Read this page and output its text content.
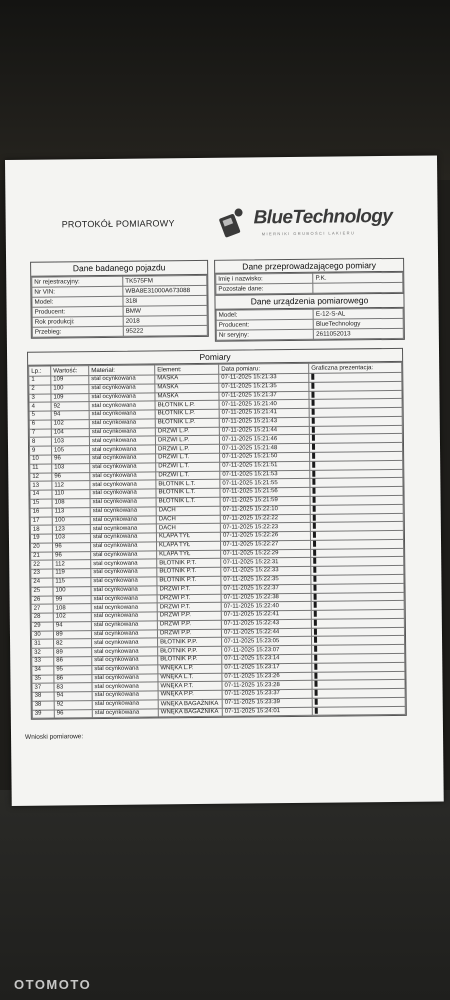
PROTOKÓŁ POMIAROWY	BlueTechnology
MIERNIKI GRUBOŚCI LAKIERU
Dane badanego pojazdu
Nr rejestracyjny:	TK575FM
Nr VIN:	WBA8E31000A673088
Model:	318i
Producent:	BMW
Rok produkcji:	2018
Przebieg:	95222
Dane przeprowadzającego pomiary
Imię i nazwisko:	P.K.
Pozostałe dane:	
Dane urządzenia pomiarowego
Model:	E-12-S-AL
Producent:	BlueTechnology
Nr seryjny:	2611052013
Pomiary
Lp.:	Wartość:	Materiał:	Element:	Data pomiaru:	Graficzna prezentacja:
1	109	stal ocynkowana	MASKA	07-11-2025 15:21:33	
2	100	stal ocynkowana	MASKA	07-11-2025 15:21:35	
3	109	stal ocynkowana	MASKA	07-11-2025 15:21:37	
4	92	stal ocynkowana	BŁOTNIK L.P.	07-11-2025 15:21:40	
5	94	stal ocynkowana	BŁOTNIK L.P.	07-11-2025 15:21:41	
6	102	stal ocynkowana	BŁOTNIK L.P.	07-11-2025 15:21:43	
7	104	stal ocynkowana	DRZWI L.P.	07-11-2025 15:21:44	
8	103	stal ocynkowana	DRZWI L.P.	07-11-2025 15:21:46	
9	105	stal ocynkowana	DRZWI L.P.	07-11-2025 15:21:48	
10	96	stal ocynkowana	DRZWI L.T.	07-11-2025 15:21:50	
11	103	stal ocynkowana	DRZWI L.T.	07-11-2025 15:21:51	
12	96	stal ocynkowana	DRZWI L.T.	07-11-2025 15:21:53	
13	112	stal ocynkowana	BŁOTNIK L.T.	07-11-2025 15:21:55	
14	110	stal ocynkowana	BŁOTNIK L.T.	07-11-2025 15:21:56	
15	108	stal ocynkowana	BŁOTNIK L.T.	07-11-2025 15:21:59	
16	113	stal ocynkowana	DACH	07-11-2025 15:22:10	
17	100	stal ocynkowana	DACH	07-11-2025 15:22:22	
18	123	stal ocynkowana	DACH	07-11-2025 15:22:23	
19	103	stal ocynkowana	KLAPA TYŁ	07-11-2025 15:22:26	
20	96	stal ocynkowana	KLAPA TYŁ	07-11-2025 15:22:27	
21	96	stal ocynkowana	KLAPA TYŁ	07-11-2025 15:22:29	
22	112	stal ocynkowana	BŁOTNIK P.T.	07-11-2025 15:22:31	
23	119	stal ocynkowana	BŁOTNIK P.T.	07-11-2025 15:22:33	
24	115	stal ocynkowana	BŁOTNIK P.T.	07-11-2025 15:22:35	
25	100	stal ocynkowana	DRZWI P.T.	07-11-2025 15:22:37	
26	99	stal ocynkowana	DRZWI P.T.	07-11-2025 15:22:38	
27	108	stal ocynkowana	DRZWI P.T.	07-11-2025 15:22:40	
28	102	stal ocynkowana	DRZWI P.P.	07-11-2025 15:22:41	
29	94	stal ocynkowana	DRZWI P.P.	07-11-2025 15:22:43	
30	89	stal ocynkowana	DRZWI P.P.	07-11-2025 15:22:44	
31	82	stal ocynkowana	BŁOTNIK P.P.	07-11-2025 15:23:05	
32	89	stal ocynkowana	BŁOTNIK P.P.	07-11-2025 15:23:07	
33	86	stal ocynkowana	BŁOTNIK P.P.	07-11-2025 15:23:14	
34	95	stal ocynkowana	WNĘKA L.P.	07-11-2025 15:23:17	
35	86	stal ocynkowana	WNĘKA L.T.	07-11-2025 15:23:26	
37	83	stal ocynkowana	WNĘKA P.T.	07-11-2025 15:23:28	
38	94	stal ocynkowana	WNĘKA P.P.	07-11-2025 15:23:37	
38	92	stal ocynkowana	WNĘKA BAGAŻNIKA	07-11-2025 15:23:39	
39	96	stal ocynkowana	WNĘKA BAGAŻNIKA	07-11-2025 15:24:01	
Wnioski pomiarowe:
OTOMOTO
